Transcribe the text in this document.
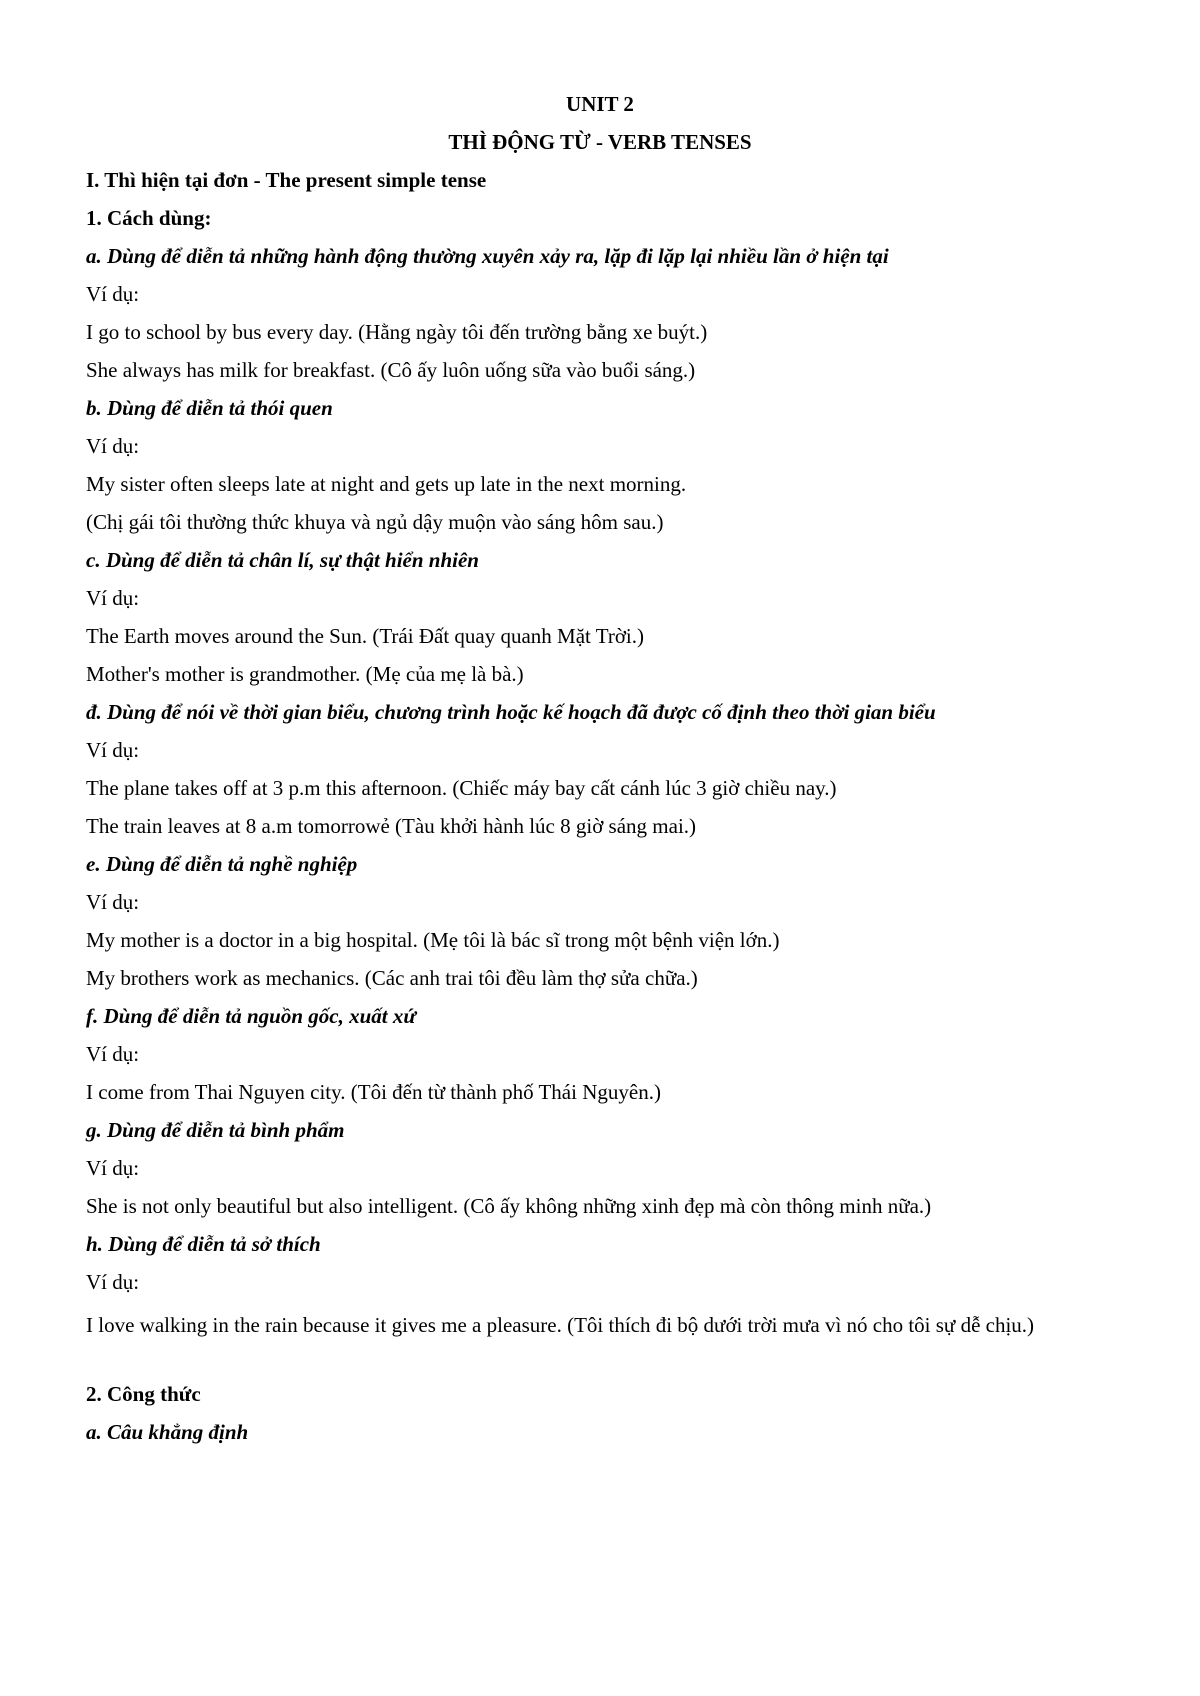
UNIT 2
THÌ ĐỘNG TỪ - VERB TENSES
I. Thì hiện tại đơn - The present simple tense
1. Cách dùng:
a. Dùng để diễn tả những hành động thường xuyên xảy ra, lặp đi lặp lại nhiều lần ở hiện tại
Ví dụ:
I go to school by bus every day. (Hằng ngày tôi đến trường bằng xe buýt.)
She always has milk for breakfast. (Cô ấy luôn uống sữa vào buổi sáng.)
b. Dùng để diễn tả thói quen
Ví dụ:
My sister often sleeps late at night and gets up late in the next morning.
(Chị gái tôi thường thức khuya và ngủ dậy muộn vào sáng hôm sau.)
c. Dùng để diễn tả chân lí, sự thật hiển nhiên
Ví dụ:
The Earth moves around the Sun. (Trái Đất quay quanh Mặt Trời.)
Mother's mother is grandmother. (Mẹ của mẹ là bà.)
đ. Dùng để nói về thời gian biểu, chương trình hoặc kế hoạch đã được cố định theo thời gian biểu
Ví dụ:
The plane takes off at 3 p.m this afternoon. (Chiếc máy bay cất cánh lúc 3 giờ chiều nay.)
The train leaves at 8 a.m tomorrowẻ (Tàu khởi hành lúc 8 giờ sáng mai.)
e. Dùng để diễn tả nghề nghiệp
Ví dụ:
My mother is a doctor in a big hospital. (Mẹ tôi là bác sĩ trong một bệnh viện lớn.)
My brothers work as mechanics. (Các anh trai tôi đều làm thợ sửa chữa.)
f. Dùng để diễn tả nguồn gốc, xuất xứ
Ví dụ:
I come from Thai Nguyen city. (Tôi đến từ thành phố Thái Nguyên.)
g. Dùng để diễn tả bình phẩm
Ví dụ:
She is not only beautiful but also intelligent. (Cô ấy không những xinh đẹp mà còn thông minh nữa.)
h. Dùng để diễn tả sở thích
Ví dụ:
I love walking in the rain because it gives me a pleasure. (Tôi thích đi bộ dưới trời mưa vì nó cho tôi sự dễ chịu.)
2. Công thức
a. Câu khẳng định
